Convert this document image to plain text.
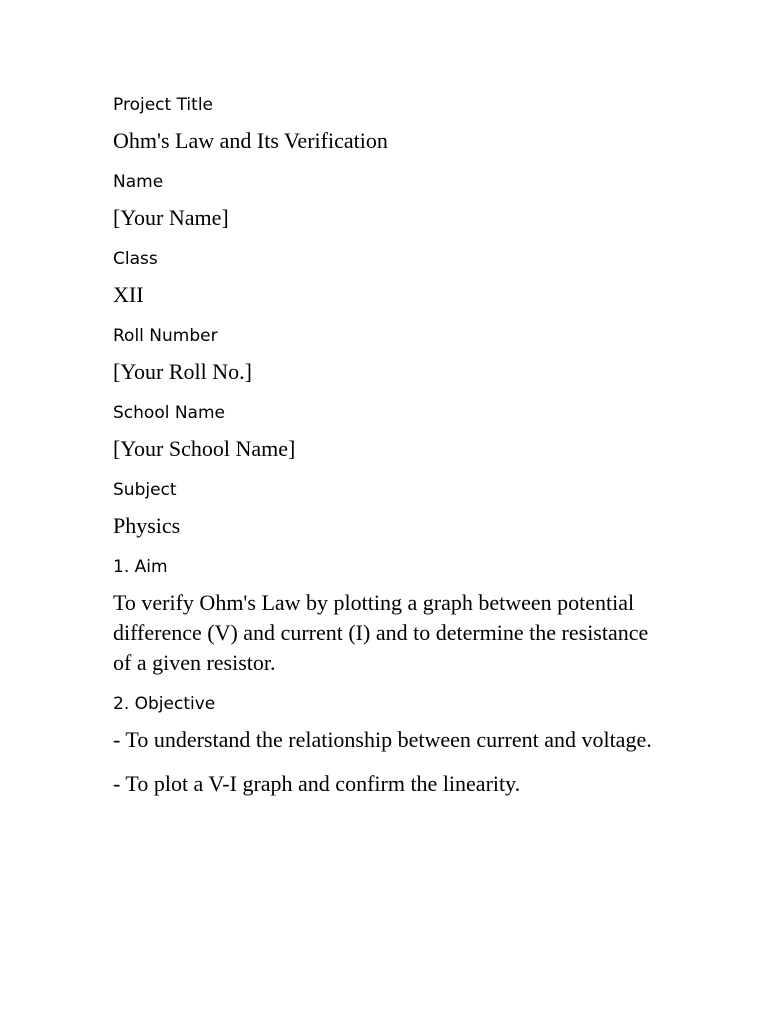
Project Title
Ohm's Law and Its Verification
Name
[Your Name]
Class
XII
Roll Number
[Your Roll No.]
School Name
[Your School Name]
Subject
Physics
1. Aim
To verify Ohm's Law by plotting a graph between potential difference (V) and current (I) and to determine the resistance of a given resistor.
2. Objective
- To understand the relationship between current and voltage.
- To plot a V-I graph and confirm the linearity.
